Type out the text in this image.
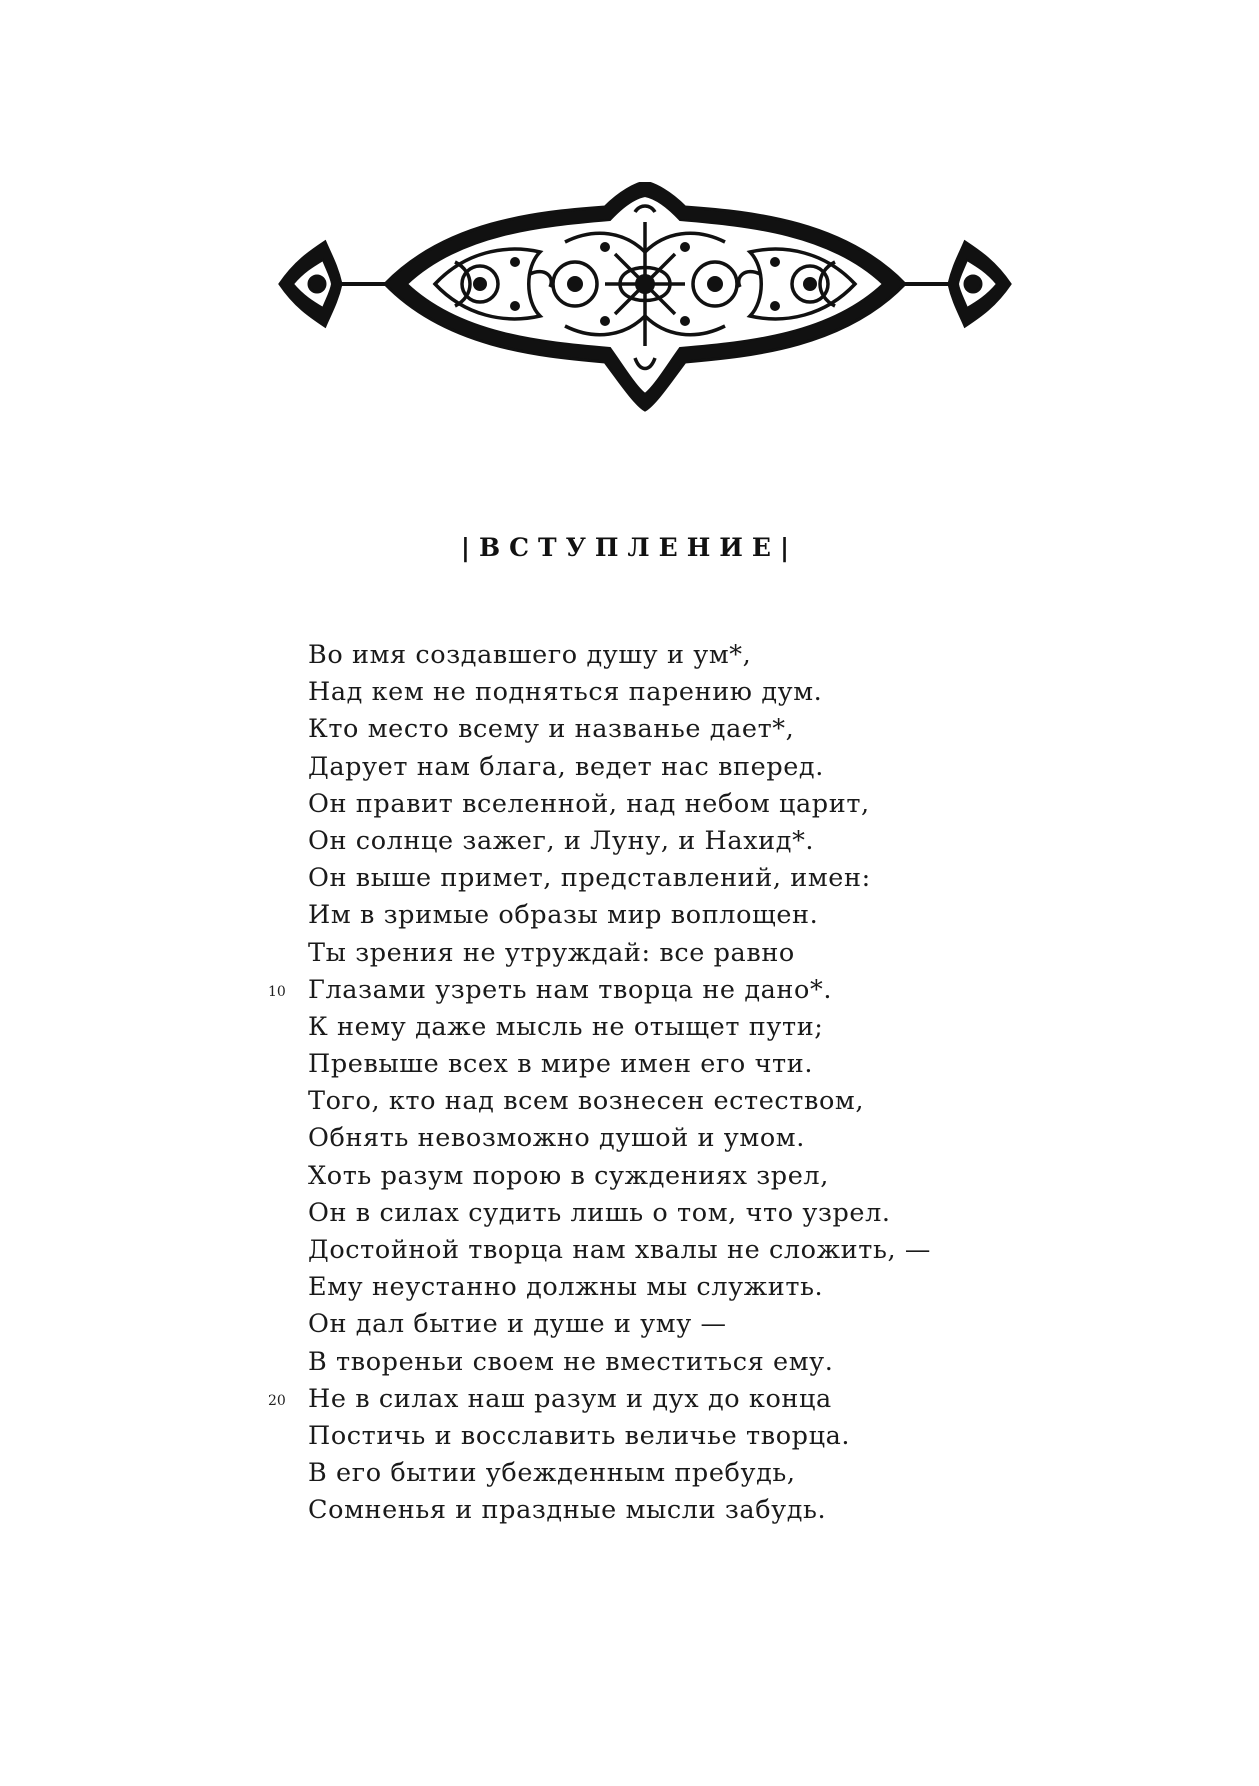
|ВСТУПЛЕНИЕ|
Во имя создавшего душу и ум*,
Над кем не подняться парению дум.
Кто место всему и названье дает*,
Дарует нам блага, ведет нас вперед.
Он правит вселенной, над небом царит,
Он солнце зажег, и Луну, и Нахид*.
Он выше примет, представлений, имен:
Им в зримые образы мир воплощен.
Ты зрения не утруждай: все равно
10 Глазами узреть нам творца не дано*.
К нему даже мысль не отыщет пути;
Превыше всех в мире имен его чти.
Того, кто над всем вознесен естеством,
Обнять невозможно душой и умом.
Хоть разум порою в суждениях зрел,
Он в силах судить лишь о том, что узрел.
Достойной творца нам хвалы не сложить, —
Ему неустанно должны мы служить.
Он дал бытие и душе и уму —
В твореньи своем не вместиться ему.
20 Не в силах наш разум и дух до конца
Постичь и восславить величье творца.
В его бытии убежденным пребудь,
Сомненья и праздные мысли забудь.
